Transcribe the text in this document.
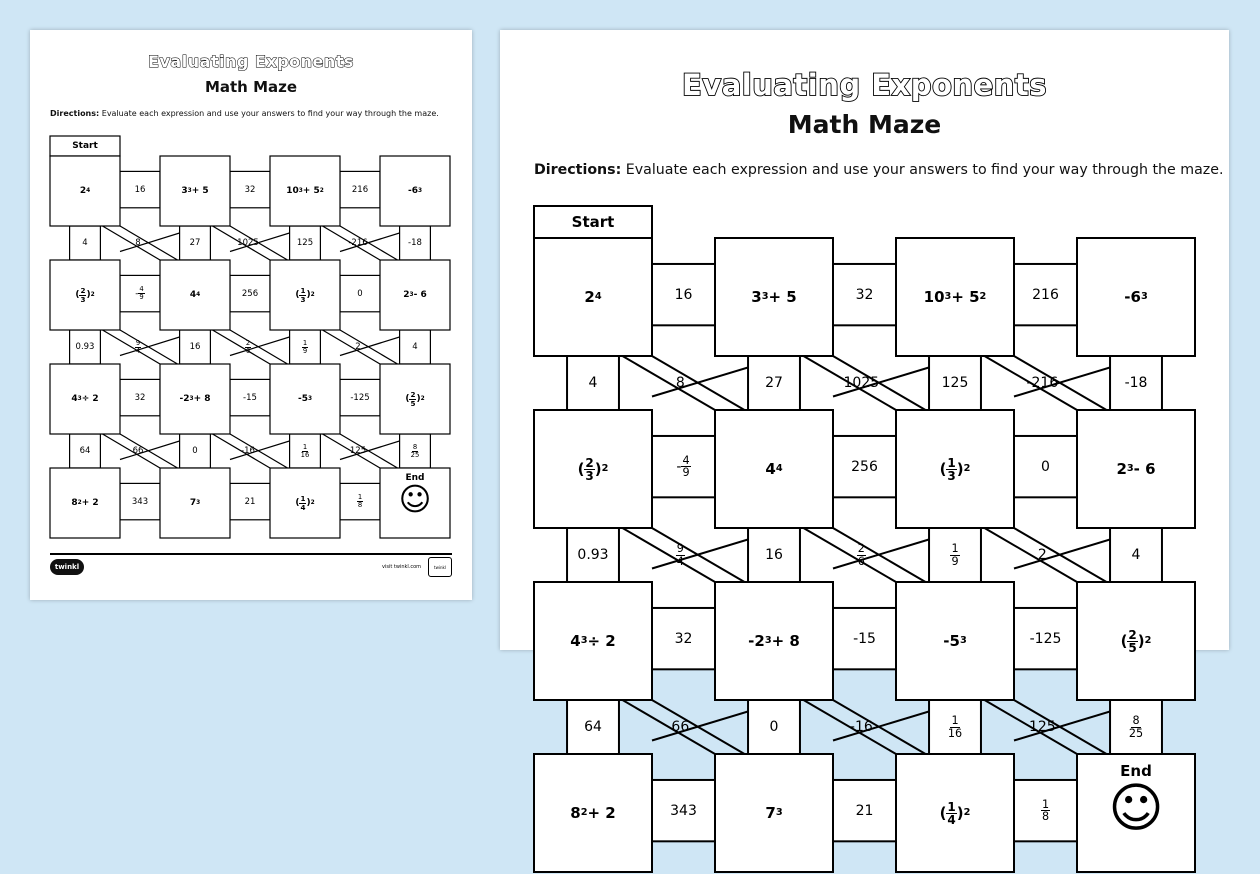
Evaluating Exponents
Math Maze
Directions: Evaluate each expression and use your answers to find your way through the maze.
Start
2 4	3 3 + 5	10 3 + 5 2	-6 3
( $\frac{2}{3}$ ) 2	4 4	( $\frac{1}{3}$ ) 2	2 3 - 6
4 3 ÷ 2	-2 3 + 8	-5 3	( $\frac{2}{5}$ ) 2
8 2 + 2	7 3	( $\frac{1}{4}$ ) 2
End
☺
16	32	216
- $\frac{4}{9}$	256	0
32	-15	-125
343	21	$\frac{1}{8}$
4	8	27	1025	125	-216	-18
0.93	$\frac{9}{4}$	16	$\frac{2}{6}$	$\frac{1}{9}$	2	4
64	66	0	-16	$\frac{1}{16}$	125	$\frac{8}{25}$
twinkl	visit twinkl.com	twinkl
Evaluating Exponents
Math Maze
Directions: Evaluate each expression and use your answers to find your way through the maze.
Start
2 4	3 3 + 5	10 3 + 5 2	-6 3
( $\frac{2}{3}$ ) 2	4 4	( $\frac{1}{3}$ ) 2	2 3 - 6
4 3 ÷ 2	-2 3 + 8	-5 3	( $\frac{2}{5}$ ) 2
8 2 + 2	7 3	( $\frac{1}{4}$ ) 2
End
☺
16	32	216
- $\frac{4}{9}$	256	0
32	-15	-125
343	21	$\frac{1}{8}$
4	8	27	1025	125	-216	-18
0.93	$\frac{9}{4}$	16	$\frac{2}{6}$	$\frac{1}{9}$	2	4
64	66	0	-16	$\frac{1}{16}$	125	$\frac{8}{25}$
